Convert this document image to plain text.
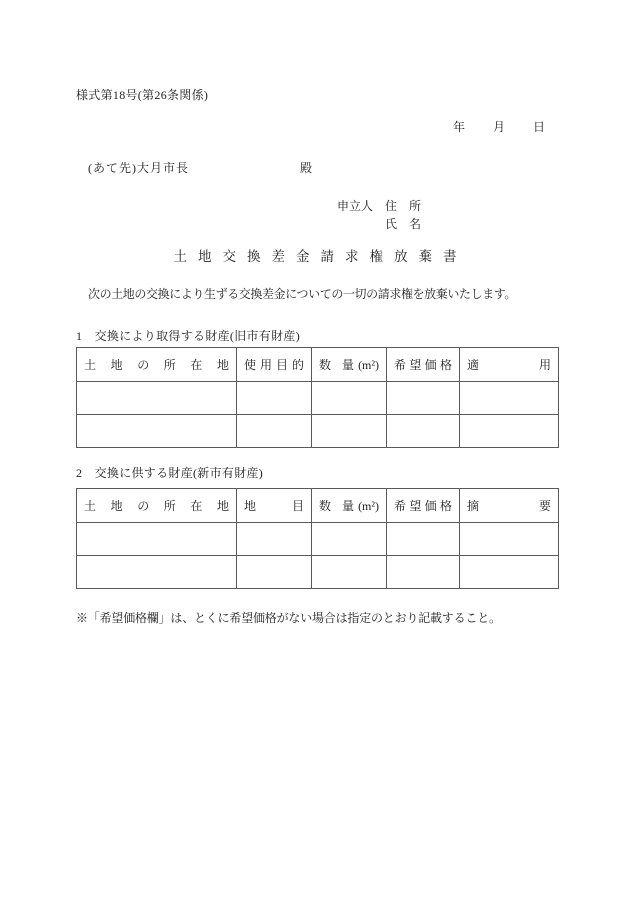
様式第18号(第26条関係)
年 月 日
(あて先)大月市長	殿
申立人 住　所
氏　名
土地交換差金請求権放棄書
次の土地の交換により生ずる交換差金についての一切の請求権を放棄いたします。
1　交換により取得する財産(旧市有財産)
土 地 の 所 在 地	使 用 目 的	数 量(m²)	希 望 価 格	適 用

2　交換に供する財産(新市有財産)
土 地 の 所 在 地	地 目	数 量(m²)	希 望 価 格	摘 要

※「希望価格欄」は、とくに希望価格がない場合は指定のとおり記載すること。
